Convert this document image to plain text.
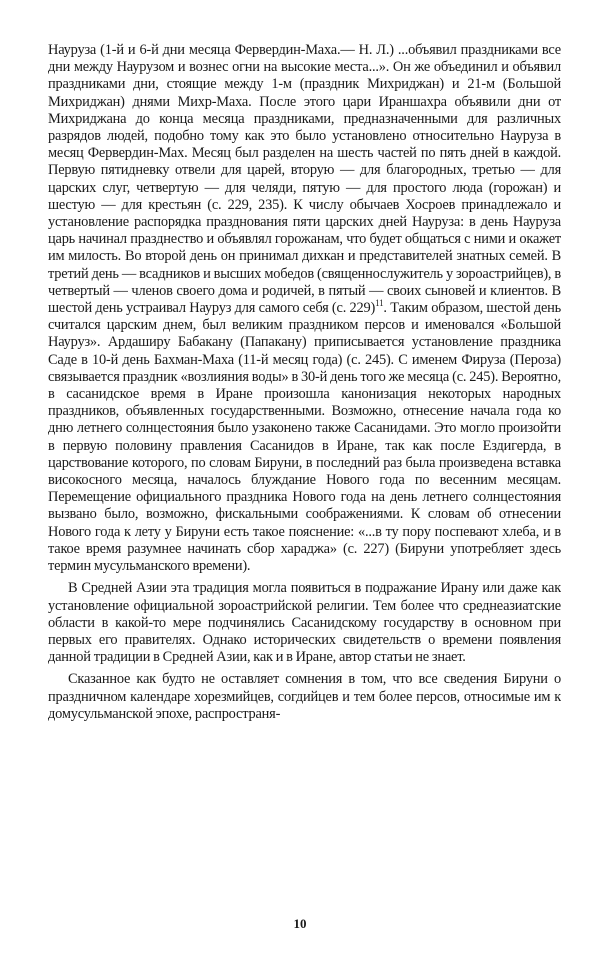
Науруза (1-й и 6-й дни месяца Фервердин-Маха.— Н. Л.) ...объявил праздниками все дни между Наурузом и вознес огни на высокие места...». Он же объединил и объявил праздниками дни, стоящие между 1-м (праздник Михриджан) и 21-м (Большой Михриджан) днями Михр-Маха. После этого цари Ираншахра объявили дни от Михриджана до конца месяца праздниками, предназначенными для различных разрядов людей, подобно тому как это было установлено относительно Науруза в месяц Фервердин-Мах. Месяц был разделен на шесть частей по пять дней в каждой. Первую пятидневку отвели для царей, вторую — для благородных, третью — для царских слуг, четвертую — для челяди, пятую — для простого люда (горожан) и шестую — для крестьян (с. 229, 235). К числу обычаев Хосроев принадлежало и установление распорядка празднования пяти царских дней Науруза: в день Науруза царь начинал празднество и объявлял горожанам, что будет общаться с ними и окажет им милость. Во второй день он принимал дихкан и представителей знатных семей. В третий день — всадников и высших мобедов (священнослужитель у зороастрийцев), в четвертый — членов своего дома и родичей, в пятый — своих сыновей и клиентов. В шестой день устраивал Науруз для самого себя (с. 229)$^{11}$. Таким образом, шестой день считался царским днем, был великим праздником персов и именовался «Большой Науруз». Ардаширу Бабакану (Папакану) приписывается установление праздника Саде в 10-й день Бахман-Маха (11-й месяц года) (с. 245). С именем Фируза (Пероза) связывается праздник «возлияния воды» в 30-й день того же месяца (с. 245). Вероятно, в сасанидское время в Иране произошла канонизация некоторых народных праздников, объявленных государственными. Возможно, отнесение начала года ко дню летнего солнцестояния было узаконено также Сасанидами. Это могло произойти в первую половину правления Сасанидов в Иране, так как после Ездигерда, в царствование которого, по словам Бируни, в последний раз была произведена вставка високосного месяца, началось блуждание Нового года по весенним месяцам. Перемещение официального праздника Нового года на день летнего солнцестояния вызвано было, возможно, фискальными соображениями. К словам об отнесении Нового года к лету у Бируни есть такое пояснение: «...в ту пору поспевают хлеба, и в такое время разумнее начинать сбор хараджа» (с. 227) (Бируни употребляет здесь термин мусульманского времени).

В Средней Азии эта традиция могла появиться в подражание Ирану или даже как установление официальной зороастрийской религии. Тем более что среднеазиатские области в какой-то мере подчинялись Сасанидскому государству в основном при первых его правителях. Однако исторических свидетельств о времени появления данной традиции в Средней Азии, как и в Иране, автор статьи не знает.

Сказанное как будто не оставляет сомнения в том, что все сведения Бируни о праздничном календаре хорезмийцев, согдийцев и тем более персов, относимые им к домусульманской эпохе, распространя-

10
